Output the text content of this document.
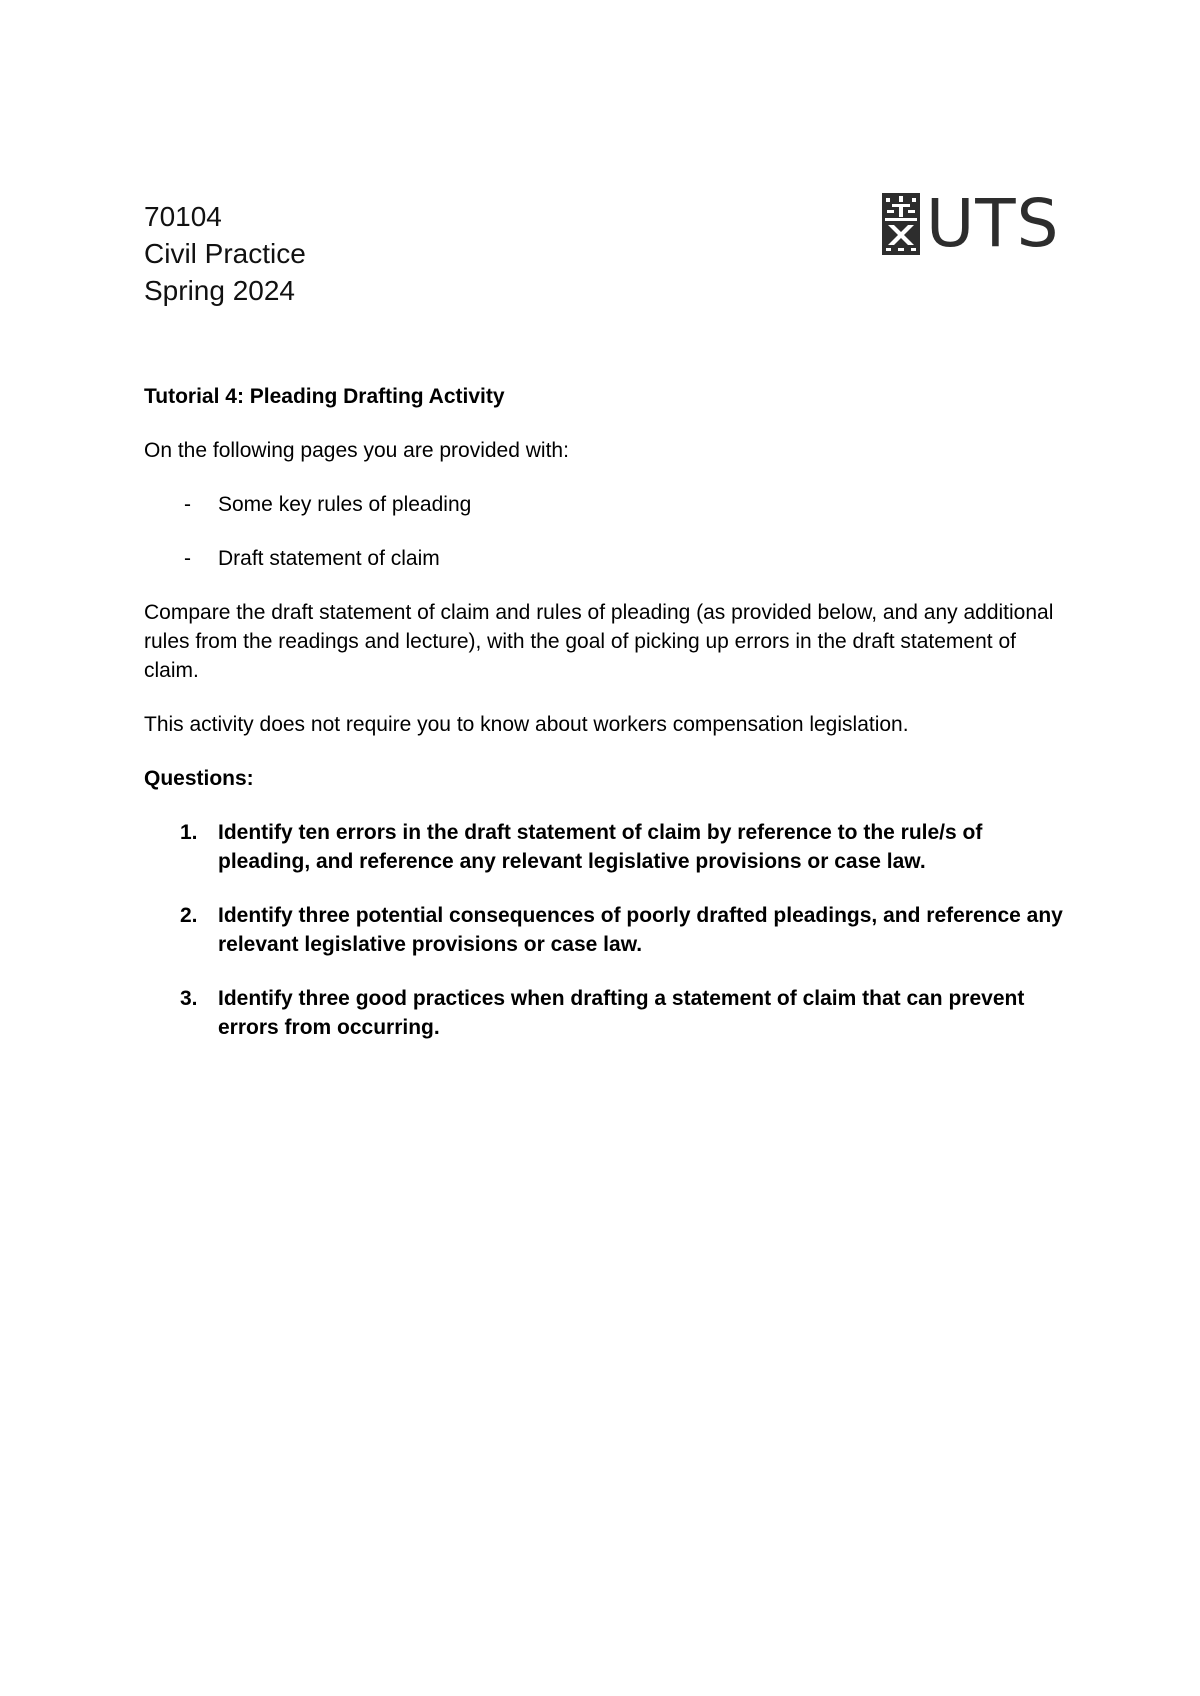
70104
Civil Practice
Spring 2024
UTS

Tutorial 4: Pleading Drafting Activity

On the following pages you are provided with:

- Some key rules of pleading
- Draft statement of claim

Compare the draft statement of claim and rules of pleading (as provided below, and any additional rules from the readings and lecture), with the goal of picking up errors in the draft statement of claim.

This activity does not require you to know about workers compensation legislation.

Questions:

1. Identify ten errors in the draft statement of claim by reference to the rule/s of pleading, and reference any relevant legislative provisions or case law.
2. Identify three potential consequences of poorly drafted pleadings, and reference any relevant legislative provisions or case law.
3. Identify three good practices when drafting a statement of claim that can prevent errors from occurring.
